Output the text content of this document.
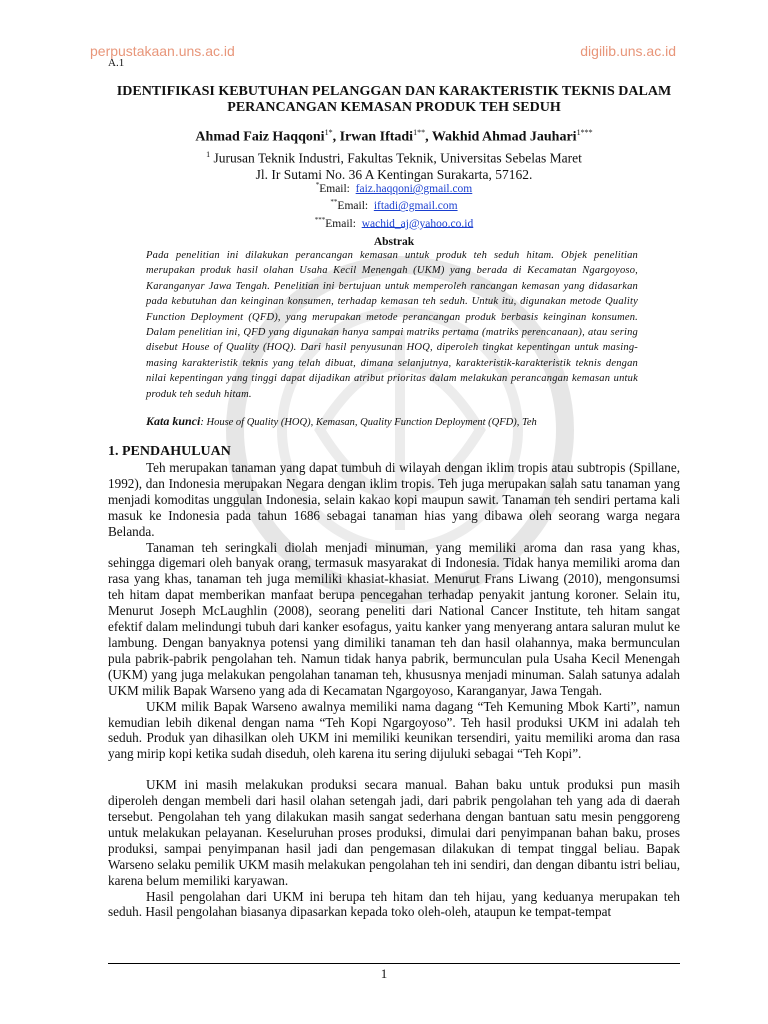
perpustakaan.uns.ac.id	digilib.uns.ac.id
A.1
IDENTIFIKASI KEBUTUHAN PELANGGAN DAN KARAKTERISTIK TEKNIS DALAM PERANCANGAN KEMASAN PRODUK TEH SEDUH
Ahmad Faiz Haqqoni$^{1*}$, Irwan Iftadi$^{1**}$, Wakhid Ahmad Jauhari$^{1***}$
$^1$ Jurusan Teknik Industri, Fakultas Teknik, Universitas Sebelas Maret
Jl. Ir Sutami No. 36 A Kentingan Surakarta, 57162.
*Email: faiz.haqqoni@gmail.com
**Email: iftadi@gmail.com
***Email: wachid_aj@yahoo.co.id
Abstrak
Pada penelitian ini dilakukan perancangan kemasan untuk produk teh seduh hitam. Objek penelitian merupakan produk hasil olahan Usaha Kecil Menengah (UKM) yang berada di Kecamatan Ngargoyoso, Karanganyar Jawa Tengah. Penelitian ini bertujuan untuk memperoleh rancangan kemasan yang didasarkan pada kebutuhan dan keinginan konsumen, terhadap kemasan teh seduh. Untuk itu, digunakan metode Quality Function Deployment (QFD), yang merupakan metode perancangan produk berbasis keinginan konsumen. Dalam penelitian ini, QFD yang digunakan hanya sampai matriks pertama (matriks perencanaan), atau sering disebut House of Quality (HOQ). Dari hasil penyusunan HOQ, diperoleh tingkat kepentingan untuk masing-masing karakteristik teknis yang telah dibuat, dimana selanjutnya, karakteristik-karakteristik teknis dengan nilai kepentingan yang tinggi dapat dijadikan atribut prioritas dalam melakukan perancangan kemasan untuk produk teh seduh hitam.
Kata kunci: House of Quality (HOQ), Kemasan, Quality Function Deployment (QFD), Teh
1. PENDAHULUAN

Teh merupakan tanaman yang dapat tumbuh di wilayah dengan iklim tropis atau subtropis (Spillane, 1992), dan Indonesia merupakan Negara dengan iklim tropis. Teh juga merupakan salah satu tanaman yang menjadi komoditas unggulan Indonesia, selain kakao kopi maupun sawit. Tanaman teh sendiri pertama kali masuk ke Indonesia pada tahun 1686 sebagai tanaman hias yang dibawa oleh seorang warga negara Belanda.

Tanaman teh seringkali diolah menjadi minuman, yang memiliki aroma dan rasa yang khas, sehingga digemari oleh banyak orang, termasuk masyarakat di Indonesia. Tidak hanya memiliki aroma dan rasa yang khas, tanaman teh juga memiliki khasiat-khasiat. Menurut Frans Liwang (2010), mengonsumsi teh hitam dapat memberikan manfaat berupa pencegahan terhadap penyakit jantung koroner. Selain itu, Menurut Joseph McLaughlin (2008), seorang peneliti dari National Cancer Institute, teh hitam sangat efektif dalam melindungi tubuh dari kanker esofagus, yaitu kanker yang menyerang antara saluran mulut ke lambung. Dengan banyaknya potensi yang dimiliki tanaman teh dan hasil olahannya, maka bermunculan pula pabrik-pabrik pengolahan teh. Namun tidak hanya pabrik, bermunculan pula Usaha Kecil Menengah (UKM) yang juga melakukan pengolahan tanaman teh, khususnya menjadi minuman. Salah satunya adalah UKM milik Bapak Warseno yang ada di Kecamatan Ngargoyoso, Karanganyar, Jawa Tengah.

UKM milik Bapak Warseno awalnya memiliki nama dagang “Teh Kemuning Mbok Karti”, namun kemudian lebih dikenal dengan nama “Teh Kopi Ngargoyoso”. Teh hasil produksi UKM ini adalah teh seduh. Produk yan dihasilkan oleh UKM ini memiliki keunikan tersendiri, yaitu memiliki aroma dan rasa yang mirip kopi ketika sudah diseduh, oleh karena itu sering dijuluki sebagai “Teh Kopi”.

UKM ini masih melakukan produksi secara manual. Bahan baku untuk produksi pun masih diperoleh dengan membeli dari hasil olahan setengah jadi, dari pabrik pengolahan teh yang ada di daerah tersebut. Pengolahan teh yang dilakukan masih sangat sederhana dengan bantuan satu mesin penggoreng untuk melakukan pelayanan. Keseluruhan proses produksi, dimulai dari penyimpanan bahan baku, proses produksi, sampai penyimpanan hasil jadi dan pengemasan dilakukan di tempat tinggal beliau. Bapak Warseno selaku pemilik UKM masih melakukan pengolahan teh ini sendiri, dan dengan dibantu istri beliau, karena belum memiliki karyawan.

Hasil pengolahan dari UKM ini berupa teh hitam dan teh hijau, yang keduanya merupakan teh seduh. Hasil pengolahan biasanya dipasarkan kepada toko oleh-oleh, ataupun ke tempat-tempat

1
